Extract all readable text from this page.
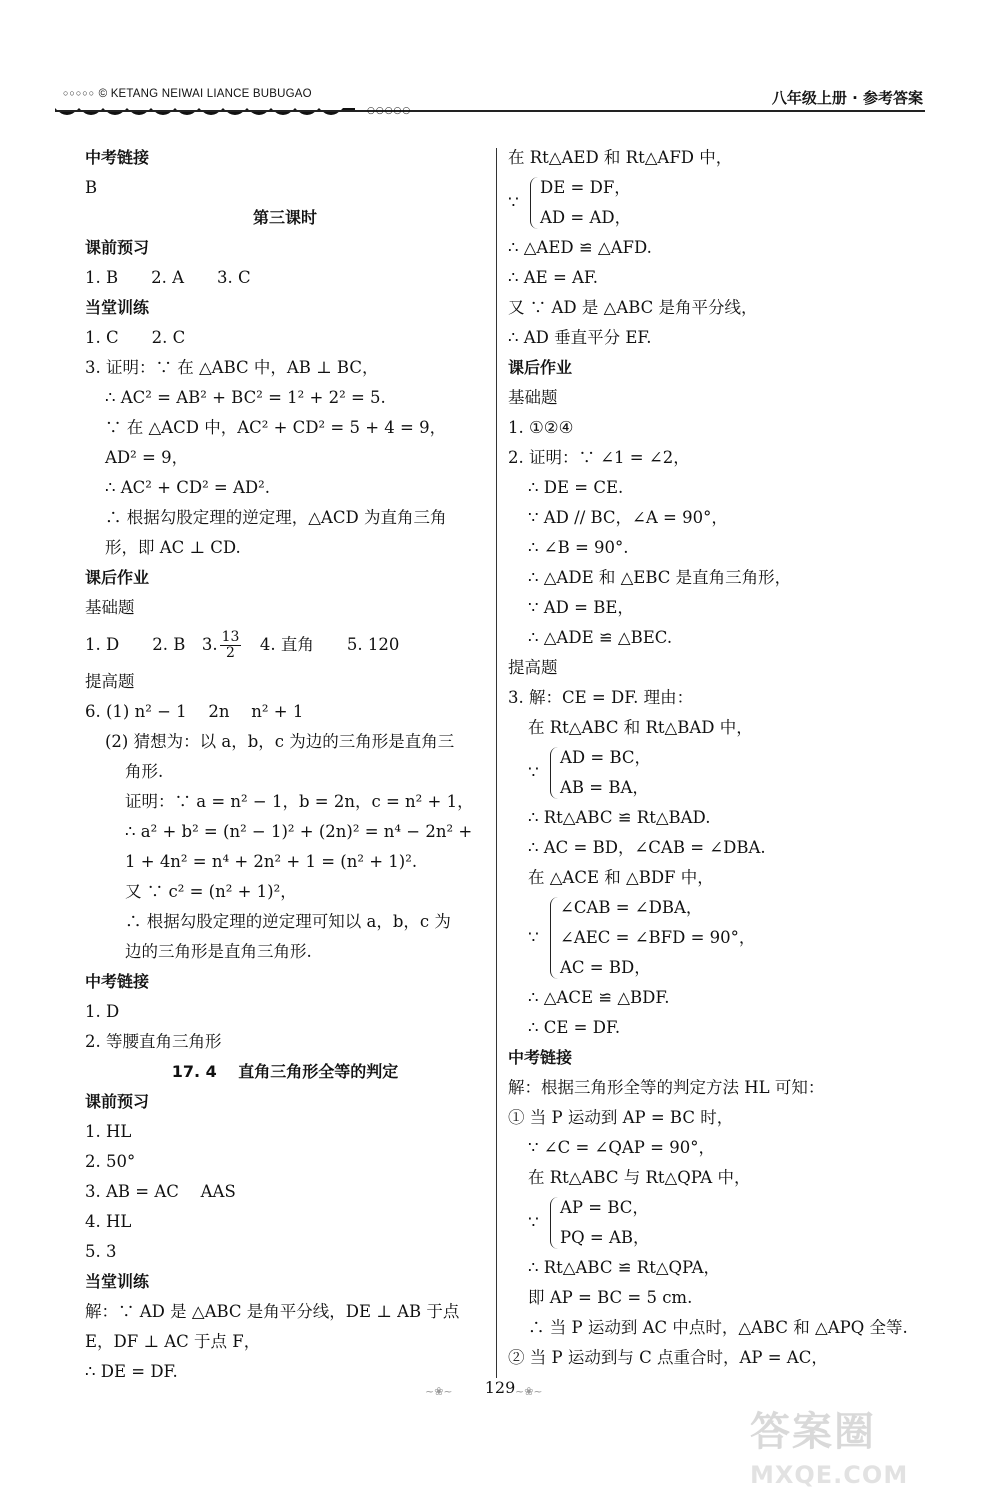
○○○○○ © KETANG NEIWAI LIANCE BUBUGAO
○○○○○
八年级上册 · 参考答案
中考链接
B
第三课时
课前预习
1. B　　2. A　　3. C
当堂训练
1. C　　2. C
3. 证明：∵ 在 △ABC 中，AB ⊥ BC，
∴ AC² = AB² + BC² = 1² + 2² = 5.
∵ 在 △ACD 中，AC² + CD² = 5 + 4 = 9，
AD² = 9，
∴ AC² + CD² = AD².
∴ 根据勾股定理的逆定理，△ACD 为直角三角
形，即 AC ⊥ CD.
课后作业
基础题
1. D　　2. B　3. $\frac{13}{2}$ 　4. 直角　　5. 120
提高题
6. (1) n² − 1　 2n　 n² + 1
(2) 猜想为：以 a，b，c 为边的三角形是直角三
角形.
证明：∵ a = n² − 1，b = 2n，c = n² + 1，
∴ a² + b² = (n² − 1)² + (2n)² = n⁴ − 2n² +
1 + 4n² = n⁴ + 2n² + 1 = (n² + 1)².
又 ∵ c² = (n² + 1)²，
∴ 根据勾股定理的逆定理可知以 a，b，c 为
边的三角形是直角三角形.
中考链接
1. D
2. 等腰直角三角形
17. 4　 直角三角形全等的判定
课前预习
1. HL
2. 50°
3. AB = AC　 AAS
4. HL
5. 3
当堂训练
解：∵ AD 是 △ABC 是角平分线，DE ⊥ AB 于点
E，DF ⊥ AC 于点 F，
∴ DE = DF.
在 Rt△AED 和 Rt△AFD 中，
∵
DE = DF，
AD = AD，
∴ △AED ≌ △AFD.
∴ AE = AF.
又 ∵ AD 是 △ABC 是角平分线，
∴ AD 垂直平分 EF.
课后作业
基础题
1. ①②④
2. 证明：∵ ∠1 = ∠2，
∴ DE = CE.
∵ AD // BC，∠A = 90°，
∴ ∠B = 90°.
∴ △ADE 和 △EBC 是直角三角形，
∵ AD = BE，
∴ △ADE ≌ △BEC.
提高题
3. 解：CE = DF. 理由：
在 Rt△ABC 和 Rt△BAD 中，
∵
AD = BC，
AB = BA，
∴ Rt△ABC ≌ Rt△BAD.
∴ AC = BD，∠CAB = ∠DBA.
在 △ACE 和 △BDF 中，
∵
∠CAB = ∠DBA，
∠AEC = ∠BFD = 90°，
AC = BD，
∴ △ACE ≌ △BDF.
∴ CE = DF.
中考链接
解：根据三角形全等的判定方法 HL 可知：
① 当 P 运动到 AP = BC 时，
∵ ∠C = ∠QAP = 90°，
在 Rt△ABC 与 Rt△QPA 中，
∵
AP = BC，
PQ = AB，
∴ Rt△ABC ≌ Rt△QPA，
即 AP = BC = 5 cm.
∴ 当 P 运动到 AC 中点时，△ABC 和 △APQ 全等.
② 当 P 运动到与 C 点重合时，AP = AC，
~❀~	129 ~❀~
答案圈
MXQE.COM
